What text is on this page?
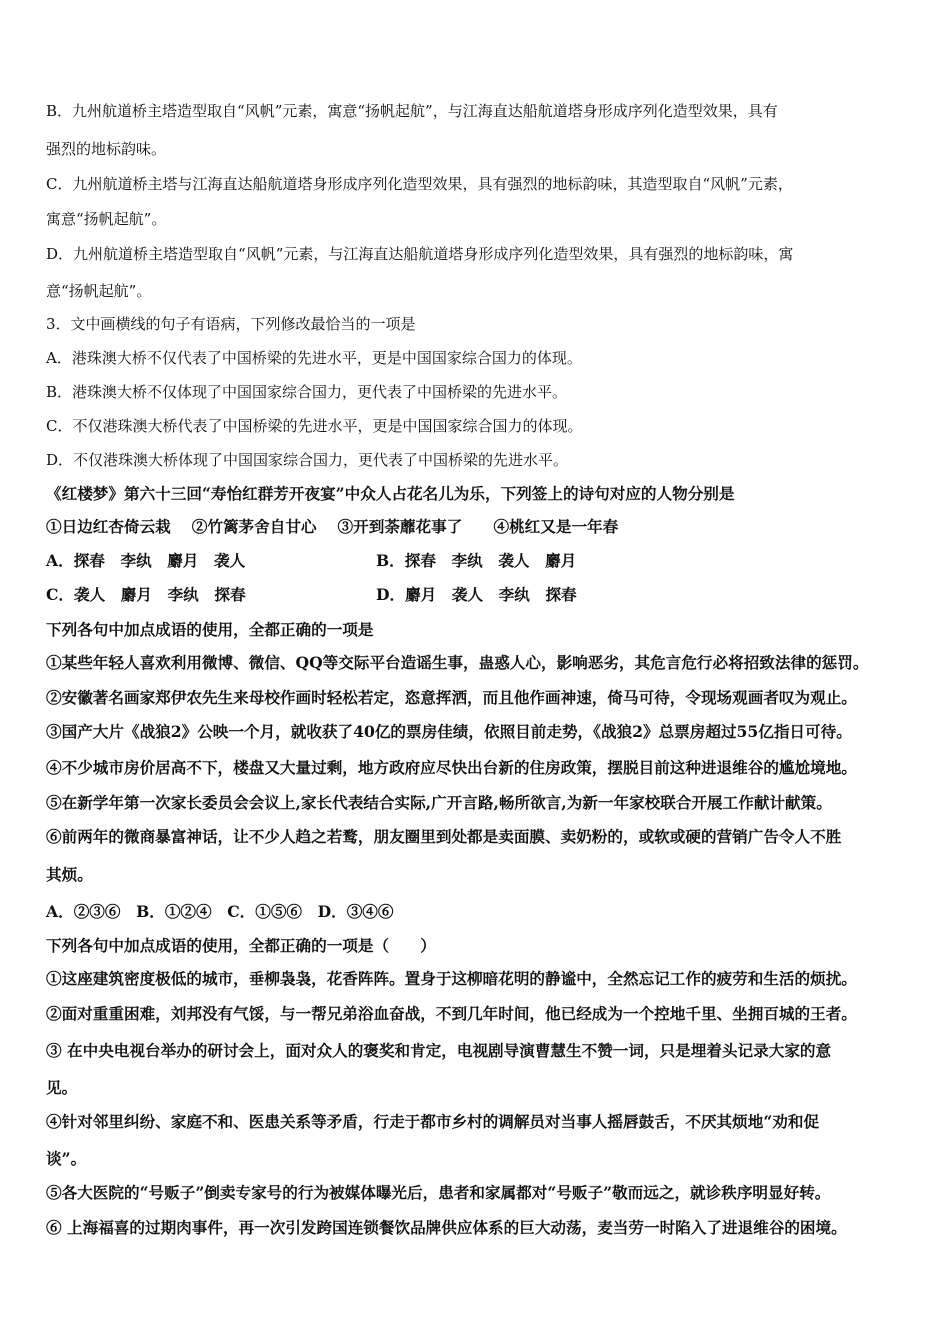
B．九州航道桥主塔造型取自“风帆”元素，寓意“扬帆起航”，与江海直达船航道塔身形成序列化造型效果，具有
强烈的地标韵味。
C．九州航道桥主塔与江海直达船航道塔身形成序列化造型效果，具有强烈的地标韵味，其造型取自“风帆”元素，
寓意“扬帆起航”。
D．九州航道桥主塔造型取自“风帆”元素，与江海直达船航道塔身形成序列化造型效果，具有强烈的地标韵味，寓
意“扬帆起航”。
3．文中画横线的句子有语病，下列修改最恰当的一项是
A．港珠澳大桥不仅代表了中国桥梁的先进水平，更是中国国家综合国力的体现。
B．港珠澳大桥不仅体现了中国国家综合国力，更代表了中国桥梁的先进水平。
C．不仅港珠澳大桥代表了中国桥梁的先进水平，更是中国国家综合国力的体现。
D．不仅港珠澳大桥体现了中国国家综合国力，更代表了中国桥梁的先进水平。
《红楼梦》第六十三回“寿怡红群芳开夜宴”中众人占花名儿为乐，下列签上的诗句对应的人物分别是
①日边红杏倚云栽　 ②竹篱茅舍自甘心　 ③开到荼蘼花事了　　④桃红又是一年春
A．探春　李纨　麝月　袭人	B．探春　李纨　袭人　麝月
C．袭人　麝月　李纨　探春	D．麝月　袭人　李纨　探春
下列各句中加点成语的使用，全都正确的一项是
①某些年轻人喜欢利用微博、微信、QQ等交际平台造谣生事，蛊惑人心，影响恶劣，其危言危行必将招致法律的惩罚。
②安徽著名画家郑伊农先生来母校作画时轻松若定，恣意挥洒，而且他作画神速，倚马可待，令现场观画者叹为观止。
③国产大片《战狼2》公映一个月，就收获了40亿的票房佳绩，依照目前走势，《战狼2》总票房超过55亿指日可待。
④不少城市房价居高不下，楼盘又大量过剩，地方政府应尽快出台新的住房政策，摆脱目前这种进退维谷的尴尬境地。
⑤在新学年第一次家长委员会会议上,家长代表结合实际,广开言路,畅所欲言,为新一年家校联合开展工作献计献策。
⑥前两年的微商暴富神话，让不少人趋之若鹜，朋友圈里到处都是卖面膜、卖奶粉的，或软或硬的营销广告令人不胜
其烦。
A．②③⑥　B．①②④　C．①⑤⑥　D．③④⑥
下列各句中加点成语的使用，全都正确的一项是（　　）
①这座建筑密度极低的城市，垂柳袅袅，花香阵阵。置身于这柳暗花明的静谧中，全然忘记工作的疲劳和生活的烦扰。
②面对重重困难，刘邦没有气馁，与一帮兄弟浴血奋战，不到几年时间，他已经成为一个控地千里、坐拥百城的王者。
③ 在中央电视台举办的研讨会上，面对众人的褒奖和肯定，电视剧导演曹慧生不赞一词，只是埋着头记录大家的意
见。
④针对邻里纠纷、家庭不和、医患关系等矛盾，行走于都市乡村的调解员对当事人摇唇鼓舌，不厌其烦地“劝和促
谈”。
⑤各大医院的“号贩子”倒卖专家号的行为被媒体曝光后，患者和家属都对“号贩子”敬而远之，就诊秩序明显好转。
⑥ 上海福喜的过期肉事件，再一次引发跨国连锁餐饮品牌供应体系的巨大动荡，麦当劳一时陷入了进退维谷的困境。
